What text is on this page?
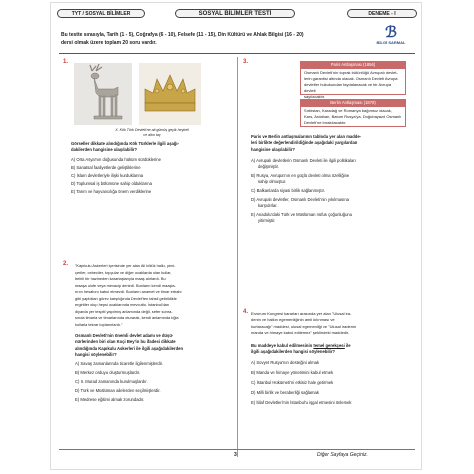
TYT / SOSYAL BİLİMLER	SOSYAL BİLİMLER TESTİ	DENEME - I
Bu testte sırasıyla, Tarih (1 - 5), Coğrafya (6 - 10), Felsefe (11 - 15), Din Kültürü ve Ahlak Bilgisi (16 - 20)
dersi olmak üzere toplam 20 soru vardır.
ℬ
BİLGİ SARMAL
1.
X. Kök Türk Devleti'ne ait gümüş geyik heykeli
ve altın taç
Görseller dikkate alındığında Kök Türklerle ilgili aşağı-
dakilerden hangisine ulaşılabilir?
A) Orta Asya'nın doğusunda hüküm sürdüklerine
B) Sanatsal faaliyetlerde geliştiklerine
C) İslam devletleriyle ilişki kurduklarına
D) Toplumsal iş bölümüne sahip olduklarına
E) Tarım ve hayvancılığa önem verdiklerine
3.	Paris Antlaşması (1856)
Osmanlı Devleti'nin toprak bütünlüğü Avrupalı devlet-
lerin garantisi altında olacak. Osmanlı Devleti Avrupa
devletler hukukundan faydalanacak ve bir Avrupa devleti
sayılacaktır.
Berlin Antlaşması (1878)
Sırbistan, Karadağ ve Romanya bağımsız olacak,
Kars, Ardahan, Batum Rusya'ya, Doğubayazıt Osmanlı
Devleti'ne bırakılacaktır.
Paris ve Berlin antlaşmalarının tabloda yer alan madde-
leri birlikte değerlendirildiğinde aşağıdaki yargılardan
hangisine ulaşılabilir?
A) Avrupalı devletlerin Osmanlı Devleti ile ilgili politikaları
değişmiştir.
B) Rusya, Avrupa'nın en güçlü devleti olma özelliğine
sahip olmuştur.
C) Balkanlarda siyasi birlik sağlanmıştır.
D) Avrupalı devletler, Osmanlı Devleti'nin yıkılmasına
karşıdırlar.
E) Anadolu'daki Türk ve Müslüman nüfus çoğunluğunu
yitirmiştir.
2. "Kapıkulu Askerleri içerisinde yer alan Ali bölük halkı, yeni-
çeriler, cebeciler, topçular ve diğer ocaklarda olan kullar,
belirli bir hazineden karartaşlarıyla maaş alırlardı. Bu
maaşa ulufe veya mevacip denirdi. Bunların kendi maaşla-
rının hesabını kabul etmezdi. Bunların anamet ve timar erbabı
gibi yaptıkları görev karşılığında Devlet'ten tahsil getirildikle
ergirtiler olup hepsi ocaklarında mevcuttu. İstanbul'dan
diyarda yer tespiti yapılmış anlamında değil, sefer sonra-
sında timarla ve timarlarında oturarak, kendi anlamında tığla
kullarla tekrar toplanırlardı."
Osmanlı Devleti'nin önemli devlet adamı ve düşü-
nürlerinden biri olan Koçi Bey'in bu ifadesi dikkate
alındığında Kapıkulu Askerleri ile ilgili aşağıdakilerden
hangisi söylenebilir?
A) Savaş zamanlarında ticaretle ilgilenmişlerdir.
B) Merkez orduyu oluşturmuşlardır.
C) II. Murad zamanında kurulmuşlardır.
D) Türk ve Müslüman ailelerden seçilmişlerdir.
E) Medrese eğitimi almak zorundadır.
4. Erzurum Kongresi kararları arasında yer alan "Ulusal ira-
denin ve halkın egemenliğinin amil kılınması ve
kurtaracağı" maddesi, ulusal egemenliği ve "Ulusal iradenin
manda ve himaye kabul edilemez" şeklindeki maddedir.
Bu maddeye kabul edilmesinin temel gerekçesi ile
ilgili aşağıdakilerden hangisi söylenebilir?
A) Sovyet Rusya'nın desteğini almak
B) Manda ve himaye yönetimini kabul etmek
C) İstanbul Hükümeti'ni etkisiz hale getirmek
D) Milli birlik ve beraberliği sağlamak
E) İtilaf Devletleri'nin İstanbul'u işgal etmesini önlemek
3	Diğer Sayfaya Geçiniz.
